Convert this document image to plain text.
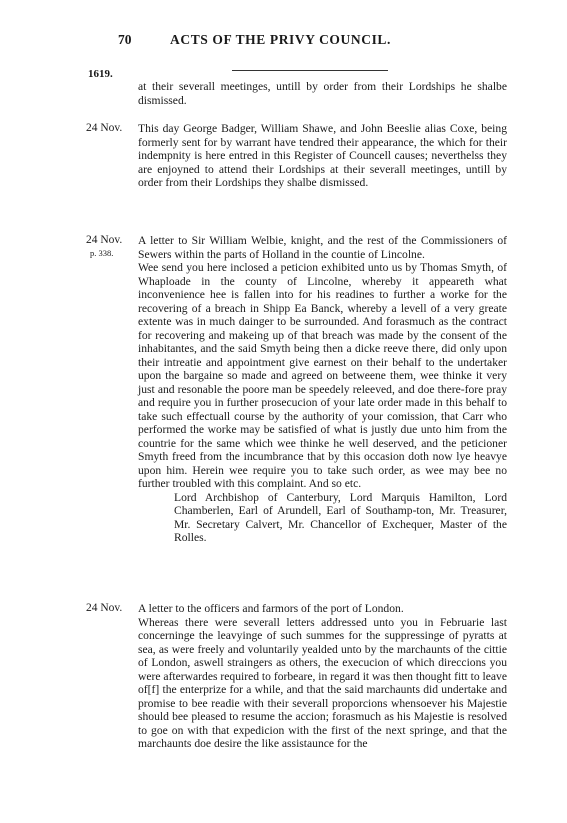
70	ACTS OF THE PRIVY COUNCIL.
1619.

at their severall meetinges, untill by order from their Lordships he shalbe dismissed.

24 Nov. This day George Badger, William Shawe, and John Beeslie alias Coxe, being formerly sent for by warrant have tendred their appearance, the which for their indempnity is here entred in this Register of Councell causes; neverthelss they are enjoyned to attend their Lordships at their severall meetinges, untill by order from their Lordships they shalbe dismissed.

24 Nov.
p. 338.

A letter to Sir William Welbie, knight, and the rest of the Commissioners of Sewers within the parts of Holland in the countie of Lincolne.

Wee send you here inclosed a peticion exhibited unto us by Thomas Smyth, of Whaploade in the county of Lincolne, whereby it appeareth what inconvenience hee is fallen into for his readines to further a worke for the recovering of a breach in Shipp Ea Banck, whereby a levell of a very greate extente was in much dainger to be surrounded. And forasmuch as the contract for recovering and makeing up of that breach was made by the consent of the inhabitantes, and the said Smyth being then a dicke reeve there, did only upon their intreatie and appointment give earnest on their behalf to the undertaker upon the bargaine so made and agreed on betweene them, wee thinke it very just and resonable the poore man be speedely releeved, and doe there-fore pray and require you in further prosecucion of your late order made in this behalf to take such effectuall course by the authority of your comission, that Carr who performed the worke may be satisfied of what is justly due unto him from the countrie for the same which wee thinke he well deserved, and the peticioner Smyth freed from the incumbrance that by this occasion doth now lye heavye upon him. Herein wee require you to take such order, as wee may bee no further troubled with this complaint. And so etc.

Lord Archbishop of Canterbury, Lord Marquis Hamilton, Lord Chamberlen, Earl of Arundell, Earl of Southamp-ton, Mr. Treasurer, Mr. Secretary Calvert, Mr. Chancellor of Exchequer, Master of the Rolles.

24 Nov. A letter to the officers and farmors of the port of London.

Whereas there were severall letters addressed unto you in Februarie last concerninge the leavyinge of such summes for the suppressinge of pyratts at sea, as were freely and voluntarily yealded unto by the marchaunts of the cittie of London, aswell straingers as others, the execucion of which direccions you were afterwardes required to forbeare, in regard it was then thought fitt to leave of[f] the enterprize for a while, and that the said marchaunts did undertake and promise to bee readie with their severall proporcions whensoever his Majestie should bee pleased to resume the accion; forasmuch as his Majestie is resolved to goe on with that expedicion with the first of the next springe, and that the marchaunts doe desire the like assistaunce for the
